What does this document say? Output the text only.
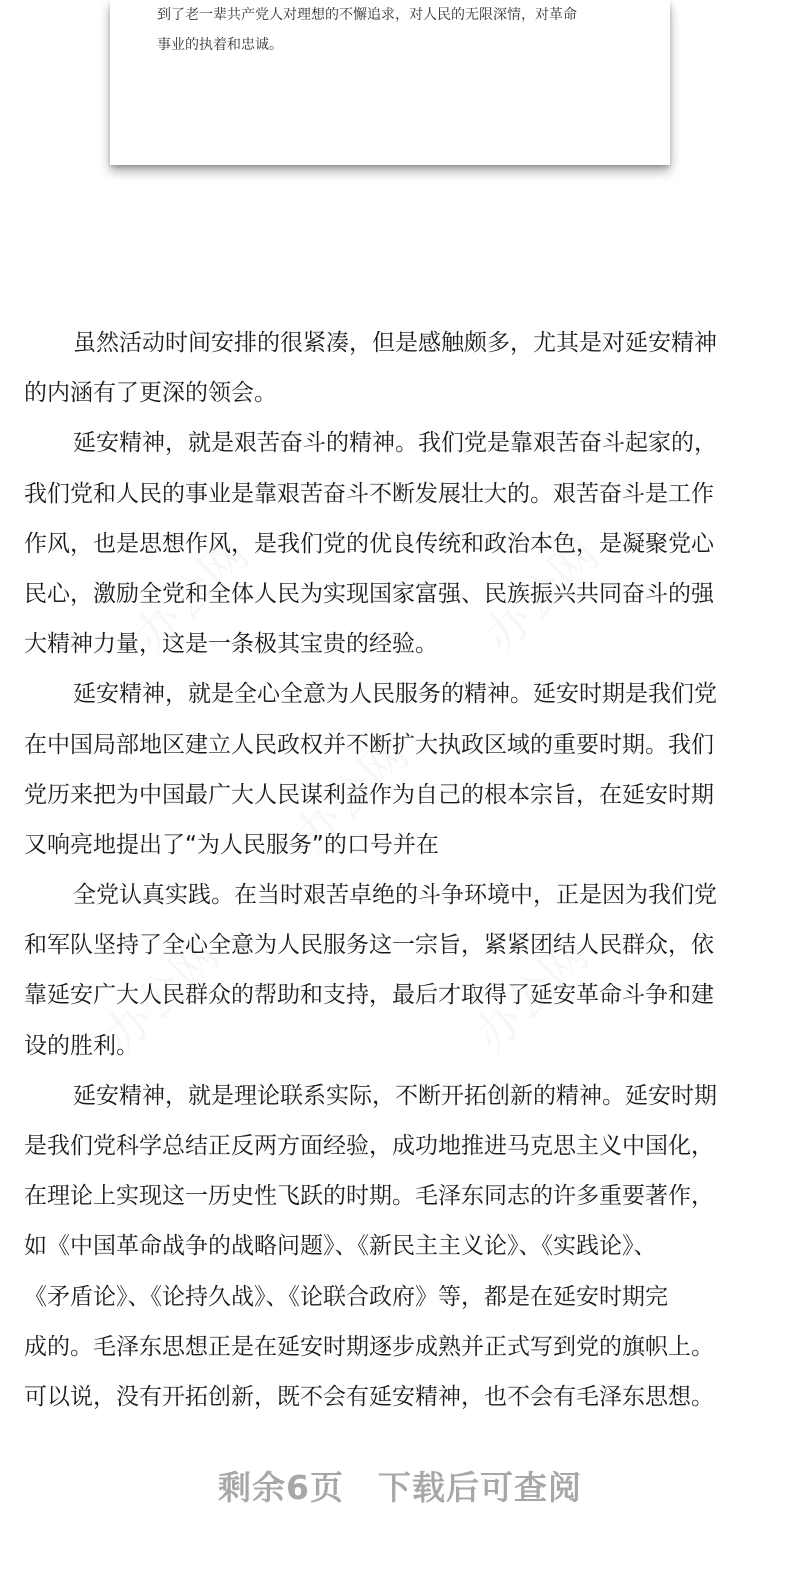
到了老一辈共产党人对理想的不懈追求，对人民的无限深情，对革命
事业的执着和忠诚。
虽然活动时间安排的很紧凑，但是感触颇多，尤其是对延安精神
的内涵有了更深的领会。
延安精神，就是艰苦奋斗的精神。我们党是靠艰苦奋斗起家的，
我们党和人民的事业是靠艰苦奋斗不断发展壮大的。艰苦奋斗是工作
作风，也是思想作风，是我们党的优良传统和政治本色，是凝聚党心
民心，激励全党和全体人民为实现国家富强、民族振兴共同奋斗的强
大精神力量，这是一条极其宝贵的经验。
延安精神，就是全心全意为人民服务的精神。延安时期是我们党
在中国局部地区建立人民政权并不断扩大执政区域的重要时期。我们
党历来把为中国最广大人民谋利益作为自己的根本宗旨，在延安时期
又响亮地提出了“为人民服务”的口号并在
全党认真实践。在当时艰苦卓绝的斗争环境中，正是因为我们党
和军队坚持了全心全意为人民服务这一宗旨，紧紧团结人民群众，依
靠延安广大人民群众的帮助和支持，最后才取得了延安革命斗争和建
设的胜利。
延安精神，就是理论联系实际，不断开拓创新的精神。延安时期
是我们党科学总结正反两方面经验，成功地推进马克思主义中国化，
在理论上实现这一历史性飞跃的时期。毛泽东同志的许多重要著作，
如《中国革命战争的战略问题》、《新民主主义论》、《实践论》、
《矛盾论》、《论持久战》、《论联合政府》等，都是在延安时期完
成的。毛泽东思想正是在延安时期逐步成熟并正式写到党的旗帜上。
可以说，没有开拓创新，既不会有延安精神，也不会有毛泽东思想。
剩余6页 下载后可查阅
